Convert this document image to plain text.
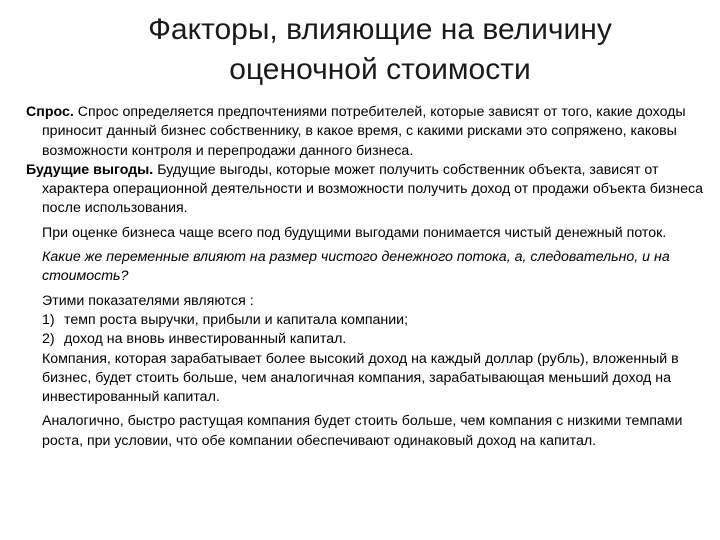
Факторы, влияющие на величину
оценочной стоимости

Спрос. Спрос определяется предпочтениями потребителей, которые зависят от того, какие доходы приносит данный бизнес собственнику, в какое время, с какими рисками это сопряжено, каковы возможности контроля и перепродажи данного бизнеса.

Будущие выгоды. Будущие выгоды, которые может получить собственник объекта, зависят от характера операционной деятельности и возможности получить доход от продажи объекта бизнеса после использования.

При оценке бизнеса чаще всего под будущими выгодами понимается чистый денежный поток.

Какие же переменные влияют на размер чистого денежного потока, а, следовательно, и на стоимость?

Этими показателями являются :

1) темп роста выручки, прибыли и капитала компании;

2) доход на вновь инвестированный капитал.

Компания, которая зарабатывает более высокий доход на каждый доллар (рубль), вложенный в бизнес, будет стоить больше, чем аналогичная компания, зарабатывающая меньший доход на инвестированный капитал.

Аналогично, быстро растущая компания будет стоить больше, чем компания с низкими темпами роста, при условии, что обе компании обеспечивают одинаковый доход на капитал.
